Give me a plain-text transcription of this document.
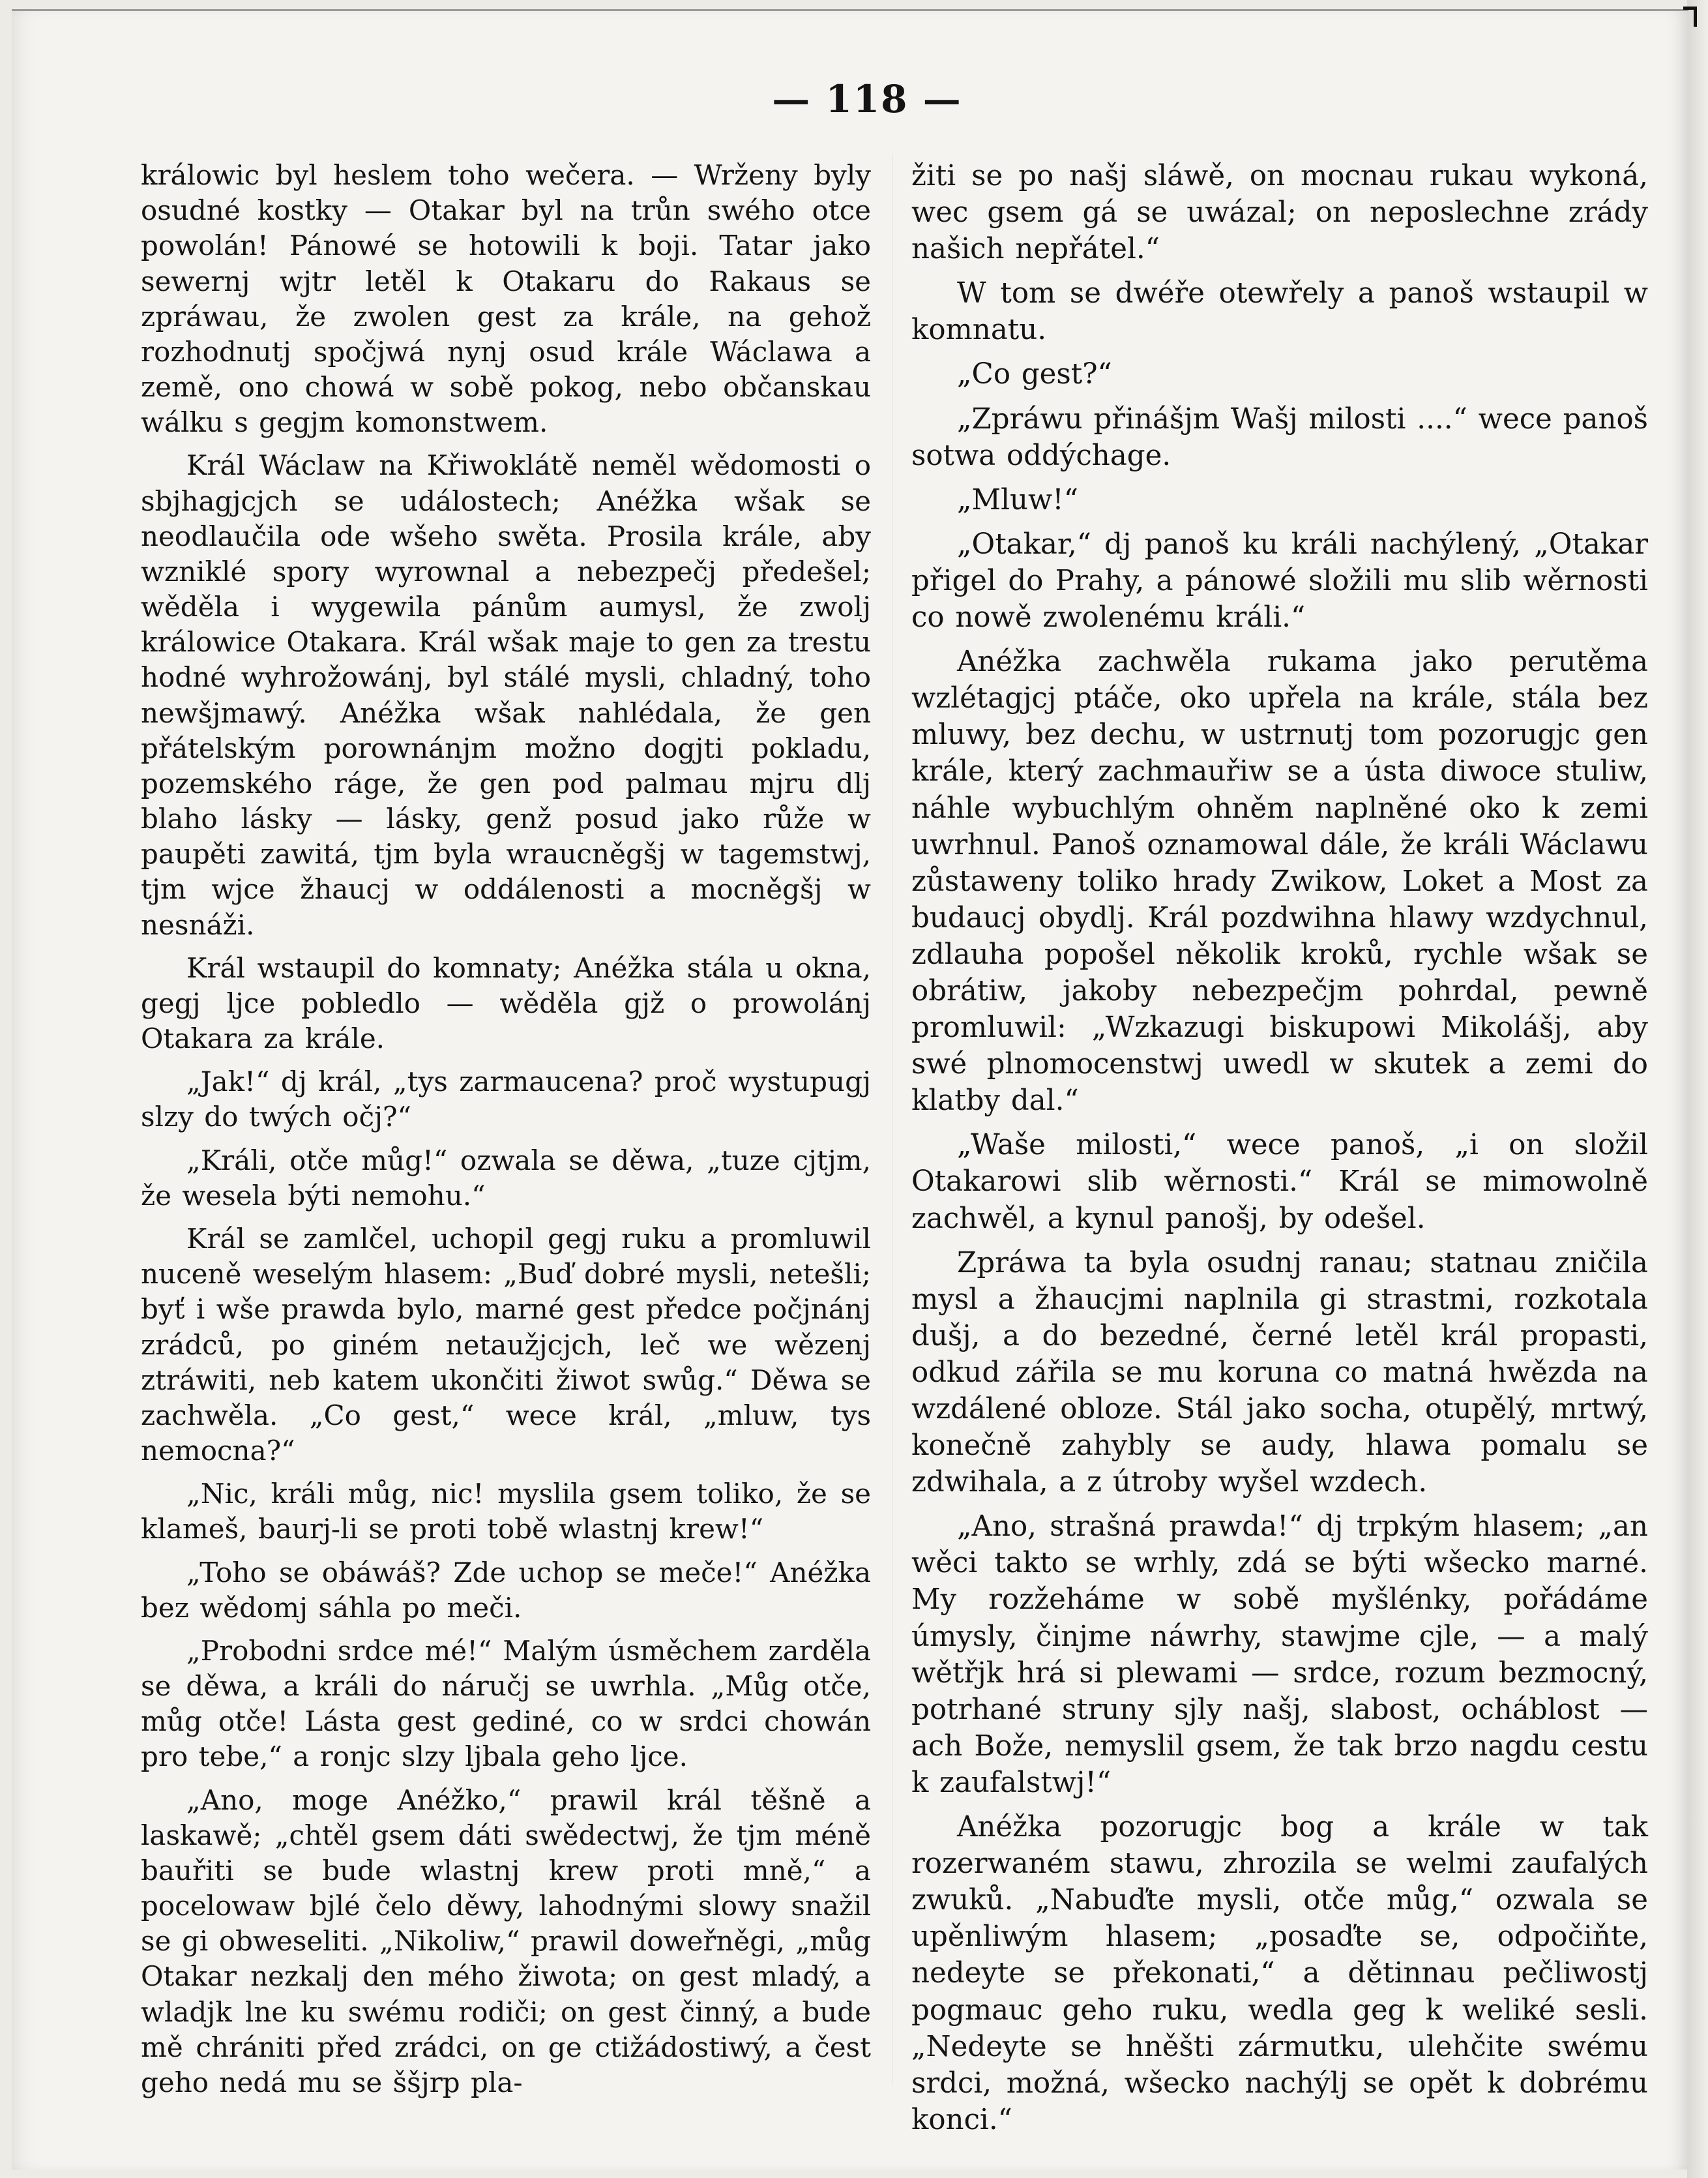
— 118 —

králowic byl heslem toho wečera. — Wrženy byly osudné kostky — Otakar byl na trůn swého otce powolán! Pánowé se hotowili k boji. Tatar jako sewernj wjtr letěl k Otakaru do Rakaus se zpráwau, že zwolen gest za krále, na gehož rozhodnutj spočjwá nynj osud krále Wáclawa a země, ono chowá w sobě pokog, nebo občanskau wálku s gegjm komonstwem.

Král Wáclaw na Křiwoklátě neměl wědomosti o sbjhagjcjch se událostech; Anéžka wšak se neodlaučila ode wšeho swěta. Prosila krále, aby wzniklé spory wyrownal a nebezpečj předešel; wěděla i wygewila pánům aumysl, že zwolj králowice Otakara. Král wšak maje to gen za trestu hodné wyhrožowánj, byl stálé mysli, chladný, toho newšjmawý. Anéžka wšak nahlédala, že gen přátelským porownánjm možno dogjti pokladu, pozemského ráge, že gen pod palmau mjru dlj blaho lásky — lásky, genž posud jako růže w paupěti zawitá, tjm byla wraucněgšj w tagemstwj, tjm wjce žhaucj w oddálenosti a mocněgšj w nesnáži.

Král wstaupil do komnaty; Anéžka stála u okna, gegj ljce pobledlo — wěděla gjž o prowolánj Otakara za krále.

„Jak!“ dj král, „tys zarmaucena? proč wystupugj slzy do twých očj?“

„Králi, otče můg!“ ozwala se děwa, „tuze cjtjm, že wesela býti nemohu.“

Král se zamlčel, uchopil gegj ruku a promluwil nuceně weselým hlasem: „Buď dobré mysli, netešli; byť i wše prawda bylo, marné gest předce počjnánj zrádců, po giném netaužjcjch, leč we wězenj ztráwiti, neb katem ukončiti žiwot swůg.“ Děwa se zachwěla. „Co gest,“ wece král, „mluw, tys nemocna?“

„Nic, králi můg, nic! myslila gsem toliko, že se klameš, baurj-li se proti tobě wlastnj krew!“

„Toho se obáwáš? Zde uchop se meče!“ Anéžka bez wědomj sáhla po meči.

„Probodni srdce mé!“ Malým úsměchem zarděla se děwa, a králi do náručj se uwrhla. „Můg otče, můg otče! Lásta gest gediné, co w srdci chowán pro tebe,“ a ronjc slzy ljbala geho ljce.

„Ano, moge Anéžko,“ prawil král těšně a laskawě; „chtěl gsem dáti swědectwj, že tjm méně bauřiti se bude wlastnj krew proti mně,“ a pocelowaw bjlé čelo děwy, lahodnými slowy snažil se gi obweseliti. „Nikoliw,“ prawil doweřněgi, „můg Otakar nezkalj den mého žiwota; on gest mladý, a wladjk lne ku swému rodiči; on gest činný, a bude mě chrániti před zrádci, on ge ctižádostiwý, a čest geho nedá mu se ššjrp pla-

žiti se po našj sláwě, on mocnau rukau wykoná, wec gsem gá se uwázal; on neposlechne zrády našich nepřátel.“

W tom se dwéře otewřely a panoš wstaupil w komnatu.

„Co gest?“

„Zpráwu přinášjm Wašj milosti ....“ wece panoš sotwa oddýchage.

„Mluw!“

„Otakar,“ dj panoš ku králi nachýlený, „Otakar přigel do Prahy, a pánowé složili mu slib wěrnosti co nowě zwolenému králi.“

Anéžka zachwěla rukama jako perutěma wzlétagjcj ptáče, oko upřela na krále, stála bez mluwy, bez dechu, w ustrnutj tom pozorugjc gen krále, který zachmauřiw se a ústa diwoce stuliw, náhle wybuchlým ohněm naplněné oko k zemi uwrhnul. Panoš oznamowal dále, že králi Wáclawu zůstaweny toliko hrady Zwikow, Loket a Most za budaucj obydlj. Král pozdwihna hlawy wzdychnul, zdlauha popošel několik kroků, rychle wšak se obrátiw, jakoby nebezpečjm pohrdal, pewně promluwil: „Wzkazugi biskupowi Mikolášj, aby swé plnomocenstwj uwedl w skutek a zemi do klatby dal.“

„Waše milosti,“ wece panoš, „i on složil Otakarowi slib wěrnosti.“ Král se mimowolně zachwěl, a kynul panošj, by odešel.

Zpráwa ta byla osudnj ranau; statnau zničila mysl a žhaucjmi naplnila gi strastmi, rozkotala dušj, a do bezedné, černé letěl král propasti, odkud zářila se mu koruna co matná hwězda na wzdálené obloze. Stál jako socha, otupělý, mrtwý, konečně zahybly se audy, hlawa pomalu se zdwihala, a z útroby wyšel wzdech.

„Ano, strašná prawda!“ dj trpkým hlasem; „an wěci takto se wrhly, zdá se býti wšecko marné. My rozžeháme w sobě myšlénky, pořádáme úmysly, činjme náwrhy, stawjme cjle, — a malý wětřjk hrá si plewami — srdce, rozum bezmocný, potrhané struny sjly našj, slabost, ocháblost — ach Bože, nemyslil gsem, že tak brzo nagdu cestu k zaufalstwj!“

Anéžka pozorugjc bog a krále w tak rozerwaném stawu, zhrozila se welmi zaufalých zwuků. „Nabuďte mysli, otče můg,“ ozwala se upěnliwým hlasem; „posaďte se, odpočiňte, nedeyte se překonati,“ a dětinnau pečliwostj pogmauc geho ruku, wedla geg k weliké sesli. „Nedeyte se hněšti zármutku, ulehčite swému srdci, možná, wšecko nachýlj se opět k dobrému konci.“
